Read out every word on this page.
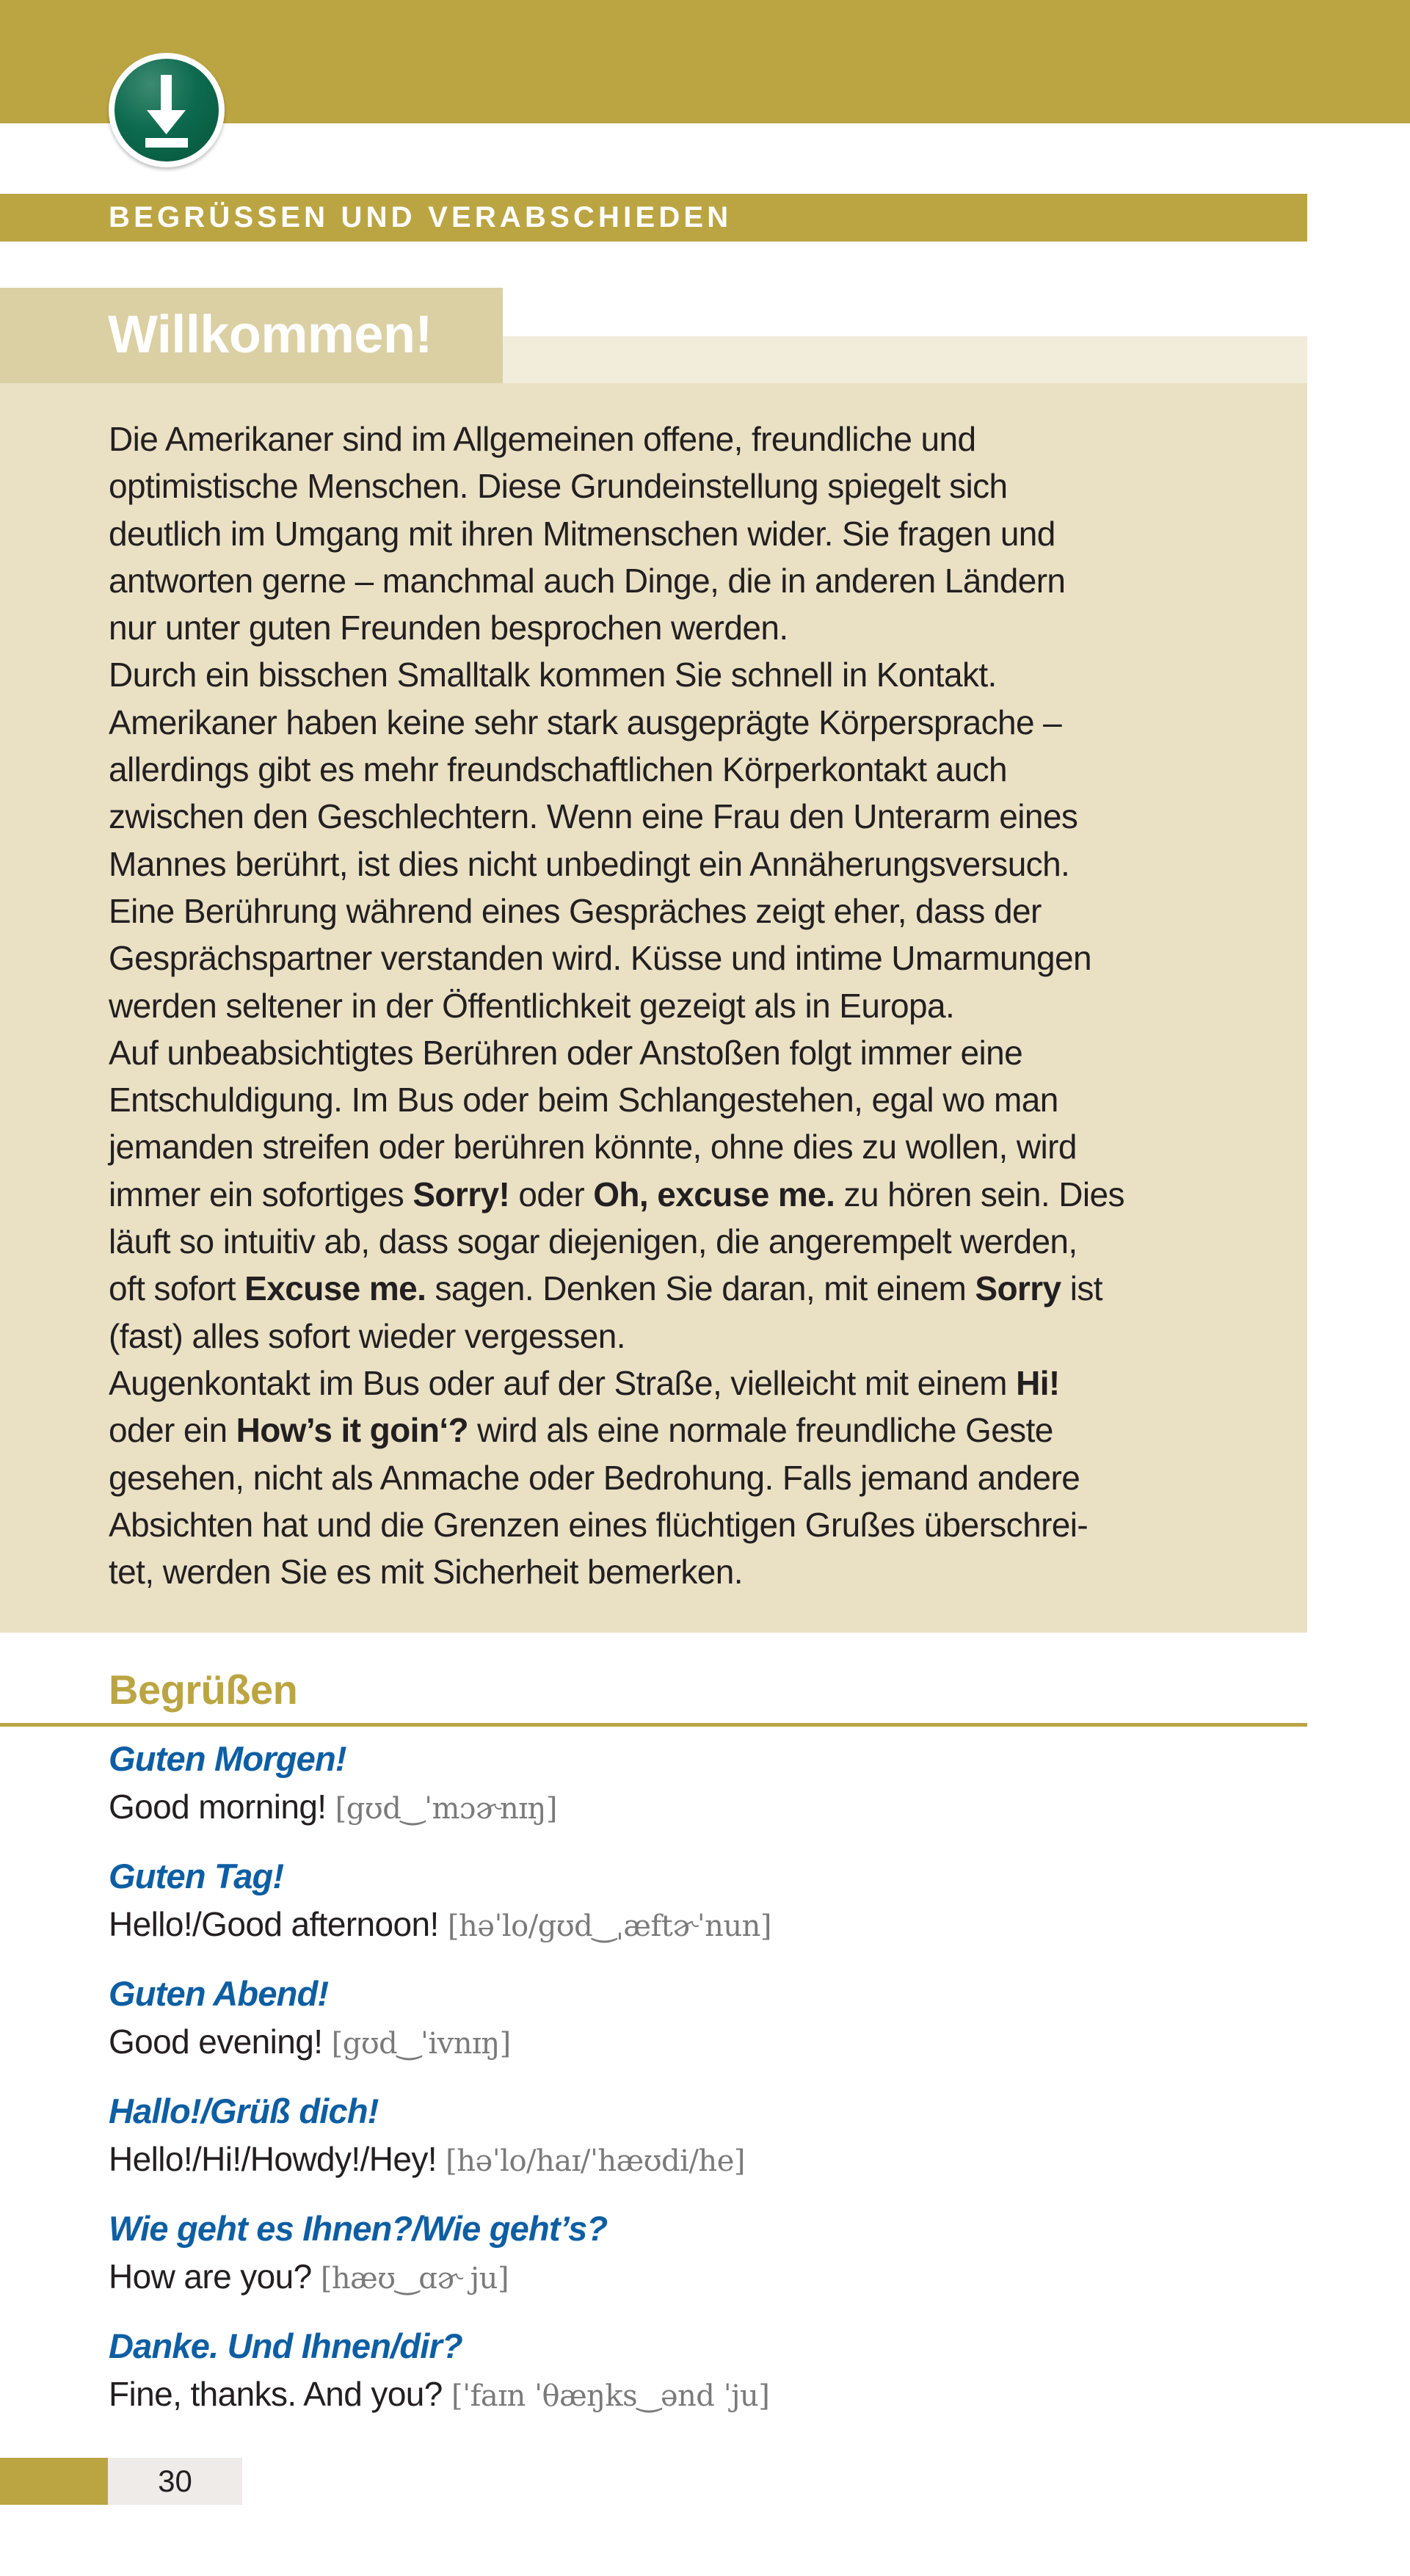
BEGRÜSSEN UND VERABSCHIEDEN
Willkommen!
Die Amerikaner sind im Allgemeinen offene, freundliche und
optimistische Menschen. Diese Grundeinstellung spiegelt sich
deutlich im Umgang mit ihren Mitmenschen wider. Sie fragen und
antworten gerne – manchmal auch Dinge, die in anderen Ländern
nur unter guten Freunden besprochen werden.
Durch ein bisschen Smalltalk kommen Sie schnell in Kontakt.
Amerikaner haben keine sehr stark ausgeprägte Körpersprache –
allerdings gibt es mehr freundschaftlichen Körperkontakt auch
zwischen den Geschlechtern. Wenn eine Frau den Unterarm eines
Mannes berührt, ist dies nicht unbedingt ein Annäherungsversuch.
Eine Berührung während eines Gespräches zeigt eher, dass der
Gesprächspartner verstanden wird. Küsse und intime Umarmungen
werden seltener in der Öffentlichkeit gezeigt als in Europa.
Auf unbeabsichtigtes Berühren oder Anstoßen folgt immer eine
Entschuldigung. Im Bus oder beim Schlangestehen, egal wo man
jemanden streifen oder berühren könnte, ohne dies zu wollen, wird
immer ein sofortiges Sorry! oder Oh, excuse me. zu hören sein. Dies
läuft so intuitiv ab, dass sogar diejenigen, die angerempelt werden,
oft sofort Excuse me. sagen. Denken Sie daran, mit einem Sorry ist
(fast) alles sofort wieder vergessen.
Augenkontakt im Bus oder auf der Straße, vielleicht mit einem Hi!
oder ein How’s it goin‘? wird als eine normale freundliche Geste
gesehen, nicht als Anmache oder Bedrohung. Falls jemand andere
Absichten hat und die Grenzen eines flüchtigen Grußes überschrei-
tet, werden Sie es mit Sicherheit bemerken.
Begrüßen
Guten Morgen!
Good morning! [gʊd‿ˈmɔɚnɪŋ]
Guten Tag!
Hello!/Good afternoon! [həˈlo/gʊd‿ˌæftɚˈnun]
Guten Abend!
Good evening! [gʊd‿ˈivnɪŋ]
Hallo!/Grüß dich!
Hello!/Hi!/Howdy!/Hey! [həˈlo/haɪ/ˈhæʊdi/he]
Wie geht es Ihnen?/Wie geht’s?
How are you? [hæʊ‿ɑɚ ju]
Danke. Und Ihnen/dir?
Fine, thanks. And you? [ˈfaɪn ˈθæŋks‿ənd ˈju]
30
